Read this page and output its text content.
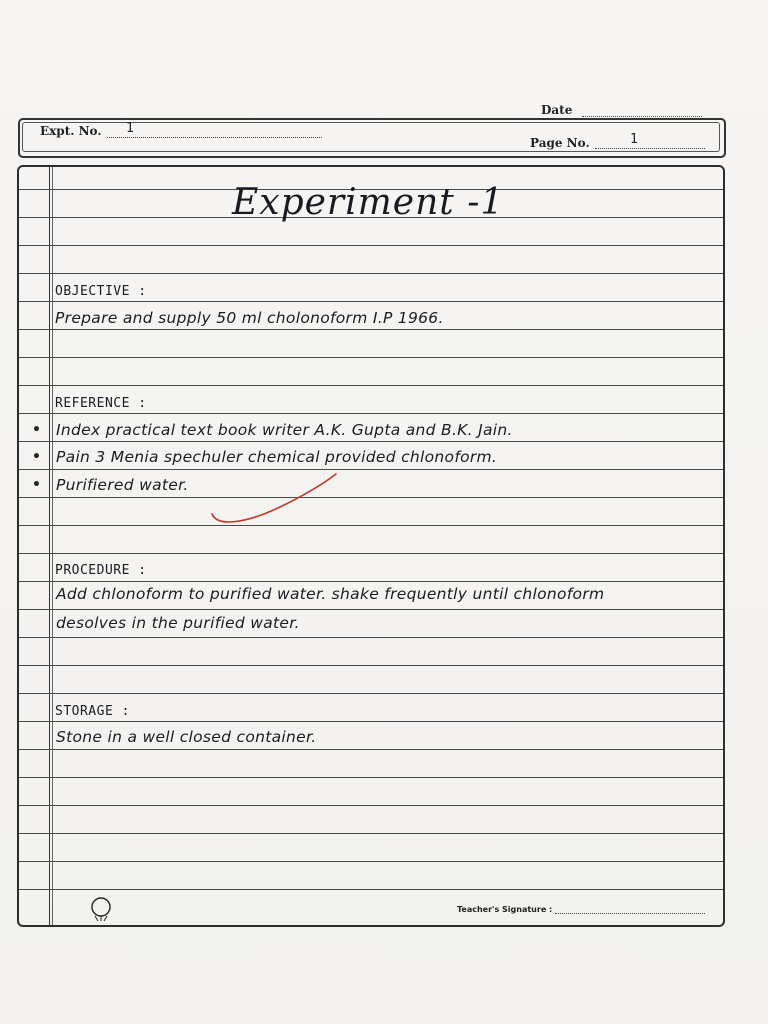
Date
Expt. No. 1
Page No.	1
Experiment -1
OBJECTIVE :
Prepare and supply 50 ml cholonoform I.P 1966.
REFERENCE :
• Index practical text book writer A.K. Gupta and B.K. Jain.
• Pain 3 Menia spechuler chemical provided chlonoform.
• Purifiered water.
PROCEDURE :
Add chlonoform to purified water. shake frequently until chlonoform
desolves in the purified water.
STORAGE :
Stone in a well closed container.
Teacher's Signature :
